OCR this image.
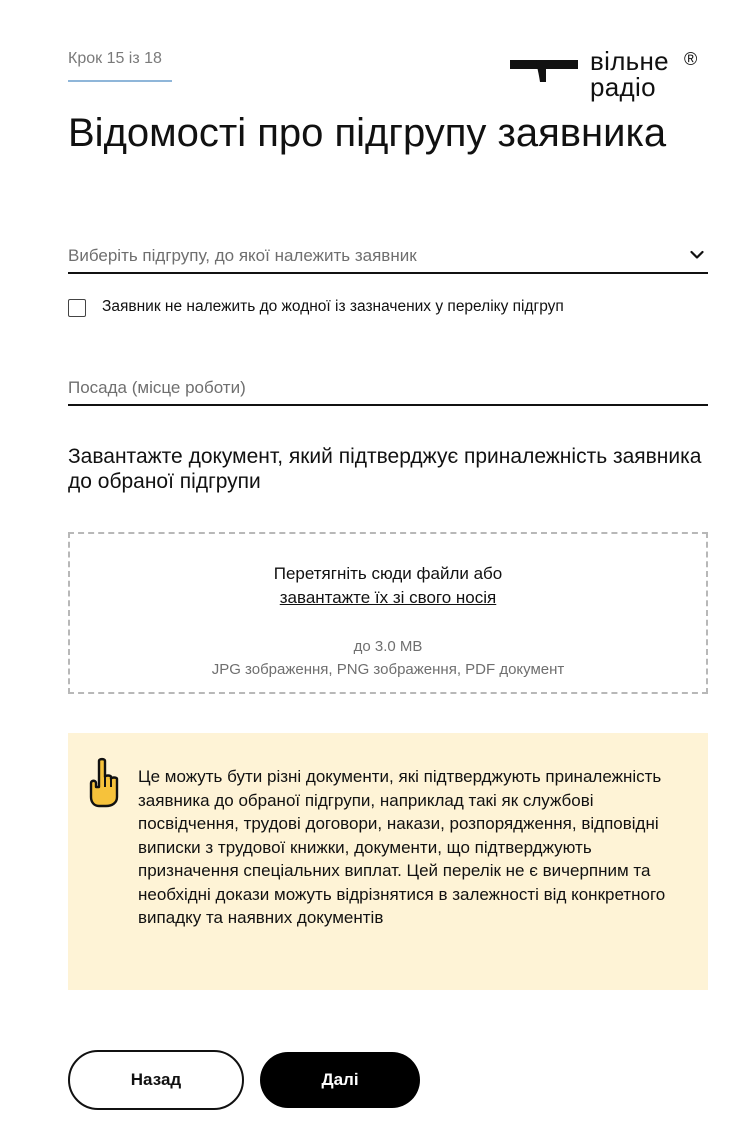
Крок 15 із 18	вільне
радіо
®
Відомості про підгрупу заявника
Виберіть підгрупу, до якої належить заявник
Заявник не належить до жодної із зазначених у переліку підгруп
Посада (місце роботи)
Завантажте документ, який підтверджує приналежність заявника до обраної підгрупи
Перетягніть сюди файли або
завантажте їх зі свого носія
до 3.0 MB
JPG зображення, PNG зображення, PDF документ
Це можуть бути різні документи, які підтверджують приналежність заявника до обраної підгрупи, наприклад такі як службові посвідчення, трудові договори, накази, розпорядження, відповідні виписки з трудової книжки, документи, що підтверджують призначення спеціальних виплат. Цей перелік не є вичерпним та необхідні докази можуть відрізнятися в залежності від конкретного випадку та наявних документів
Назад	Далі
